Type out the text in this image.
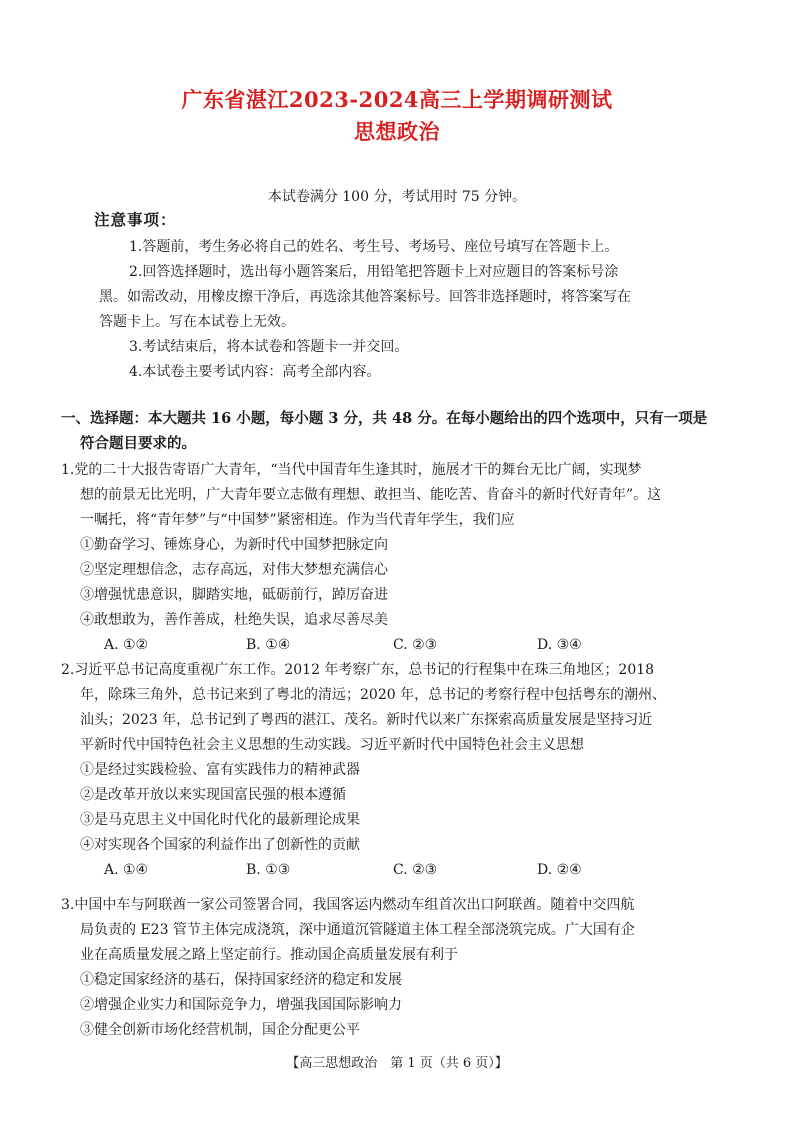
广东省湛江2023-2024高三上学期调研测试
思想政治
本试卷满分 100 分，考试用时 75 分钟。
注意事项：
1.答题前，考生务必将自己的姓名、考生号、考场号、座位号填写在答题卡上。
2.回答选择题时，选出每小题答案后，用铅笔把答题卡上对应题目的答案标号涂
黑。如需改动，用橡皮擦干净后，再选涂其他答案标号。回答非选择题时，将答案写在
答题卡上。写在本试卷上无效。
3.考试结束后，将本试卷和答题卡一并交回。
4.本试卷主要考试内容：高考全部内容。
一、选择题：本大题共 16 小题，每小题 3 分，共 48 分。在每小题给出的四个选项中，只有一项是
符合题目要求的。
1.党的二十大报告寄语广大青年，“当代中国青年生逢其时，施展才干的舞台无比广阔，实现梦
想的前景无比光明，广大青年要立志做有理想、敢担当、能吃苦、肯奋斗的新时代好青年”。这
一嘱托，将“青年梦”与“中国梦”紧密相连。作为当代青年学生，我们应
①勤奋学习、锤炼身心，为新时代中国梦把脉定向
②坚定理想信念，志存高远，对伟大梦想充满信心
③增强忧患意识，脚踏实地，砥砺前行，踔厉奋进
④敢想敢为，善作善成，杜绝失误，追求尽善尽美
A. ①②	B. ①④	C. ②③	D. ③④
2.习近平总书记高度重视广东工作。2012 年考察广东，总书记的行程集中在珠三角地区；2018
年，除珠三角外，总书记来到了粤北的清远；2020 年，总书记的考察行程中包括粤东的潮州、
汕头；2023 年，总书记到了粤西的湛江、茂名。新时代以来广东探索高质量发展是坚持习近
平新时代中国特色社会主义思想的生动实践。习近平新时代中国特色社会主义思想
①是经过实践检验、富有实践伟力的精神武器
②是改革开放以来实现国富民强的根本遵循
③是马克思主义中国化时代化的最新理论成果
④对实现各个国家的利益作出了创新性的贡献
A. ①④	B. ①③	C. ②③	D. ②④
3.中国中车与阿联酋一家公司签署合同，我国客运内燃动车组首次出口阿联酋。随着中交四航
局负责的 E23 管节主体完成浇筑，深中通道沉管隧道主体工程全部浇筑完成。广大国有企
业在高质量发展之路上坚定前行。推动国企高质量发展有利于
①稳定国家经济的基石，保持国家经济的稳定和发展
②增强企业实力和国际竞争力，增强我国国际影响力
③健全创新市场化经营机制，国企分配更公平
【高三思想政治　第 1 页（共 6 页）】
